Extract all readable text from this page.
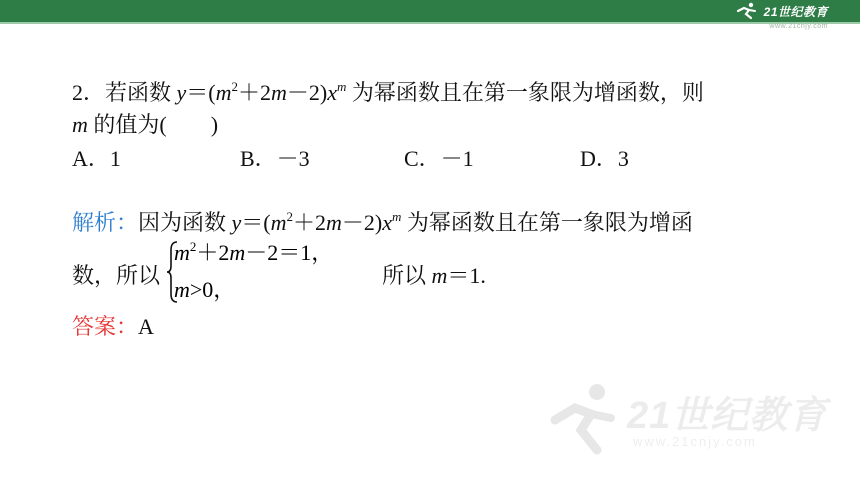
21世纪教育
www.21cnjy.com
2．若函数 $y=(m^2+2m-2)x^m$ 为幂函数且在第一象限为增函数，则
m 的值为(　　)
A．1	B．－3	C．－1	D．3
解析：因为函数 $y=(m^2+2m-2)x^m$ 为幂函数且在第一象限为增函
数，所以	所以 m＝1.
答案：A
$m^2+2m-2=1$，
m>0，
21世纪教育
www.21cnjy.com
